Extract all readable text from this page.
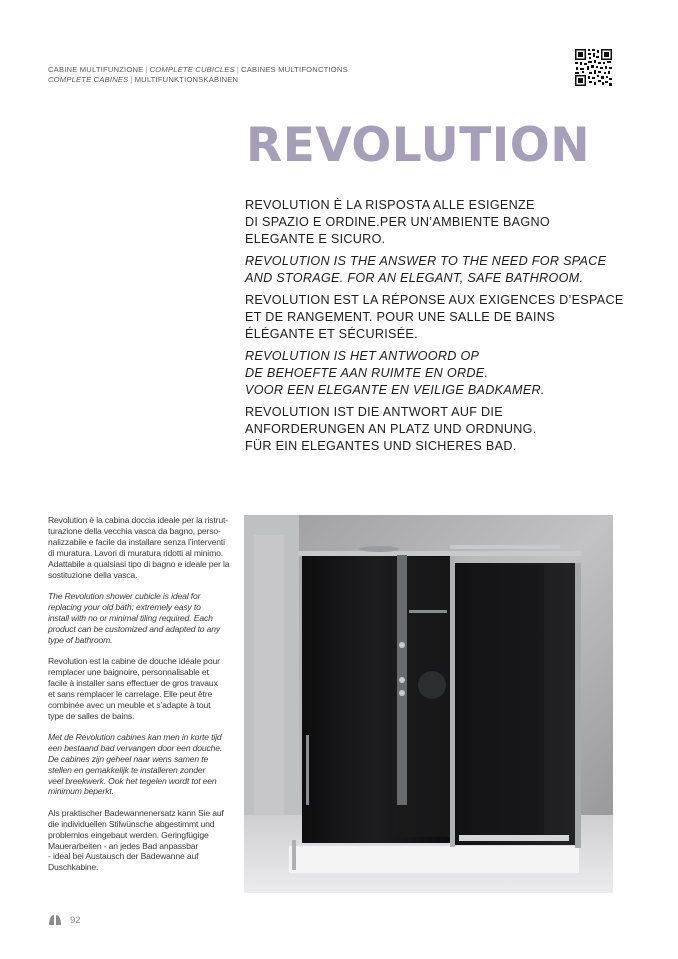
CABINE MULTIFUNZIONE | COMPLETE CUBICLES | CABINES MULTIFONCTIONS
COMPLETE CABINES | MULTIFUNKTIONSKABINEN
REVOLUTION

REVOLUTION È LA RISPOSTA ALLE ESIGENZE
DI SPAZIO E ORDINE.PER UN’AMBIENTE BAGNO
ELEGANTE E SICURO.

REVOLUTION IS THE ANSWER TO THE NEED FOR SPACE
AND STORAGE. FOR AN ELEGANT, SAFE BATHROOM.

REVOLUTION EST LA RÉPONSE AUX EXIGENCES D’ESPACE
ET DE RANGEMENT. POUR UNE SALLE DE BAINS
ÉLÉGANTE ET SÉCURISÉE.

REVOLUTION IS HET ANTWOORD OP
DE BEHOEFTE AAN RUIMTE EN ORDE.
VOOR EEN ELEGANTE EN VEILIGE BADKAMER.

REVOLUTION IST DIE ANTWORT AUF DIE
ANFORDERUNGEN AN PLATZ UND ORDNUNG.
FÜR EIN ELEGANTES UND SICHERES BAD.

Revolution è la cabina doccia ideale per la ristrut-
turazione della vecchia vasca da bagno, perso-
nalizzabile e facile da installare senza l’interventi
di muratura. Lavori di muratura ridotti al minimo.
Adattabile a qualsiasi tipo di bagno e ideale per la
sostituzione della vasca.

The Revolution shower cubicle is ideal for
replacing your old bath; extremely easy to
install with no or minimal tiling required. Each
product can be customized and adapted to any
type of bathroom.

Revolution est la cabine de douche idéale pour
remplacer une baignoire, personnalisable et
facile à installer sans effectuer de gros travaux
et sans remplacer le carrelage. Elle peut être
combinée avec un meuble et s’adapte à tout
type de salles de bains.

Met de Revolution cabines kan men in korte tijd
een bestaand bad vervangen door een douche.
De cabines zijn geheel naar wens samen te
stellen en gemakkelijk te installeren zonder
veel breekwerk. Ook het tegelen wordt tot een
minimum beperkt.

Als praktischer Badewannenersatz kann Sie auf
die individuellen Stilwünsche abgestimmt und
problemlos eingebaut werden. Geringfügige
Mauerarbeiten - an jedes Bad anpassbar
- ideal bei Austausch der Badewanne auf
Duschkabine.

92
